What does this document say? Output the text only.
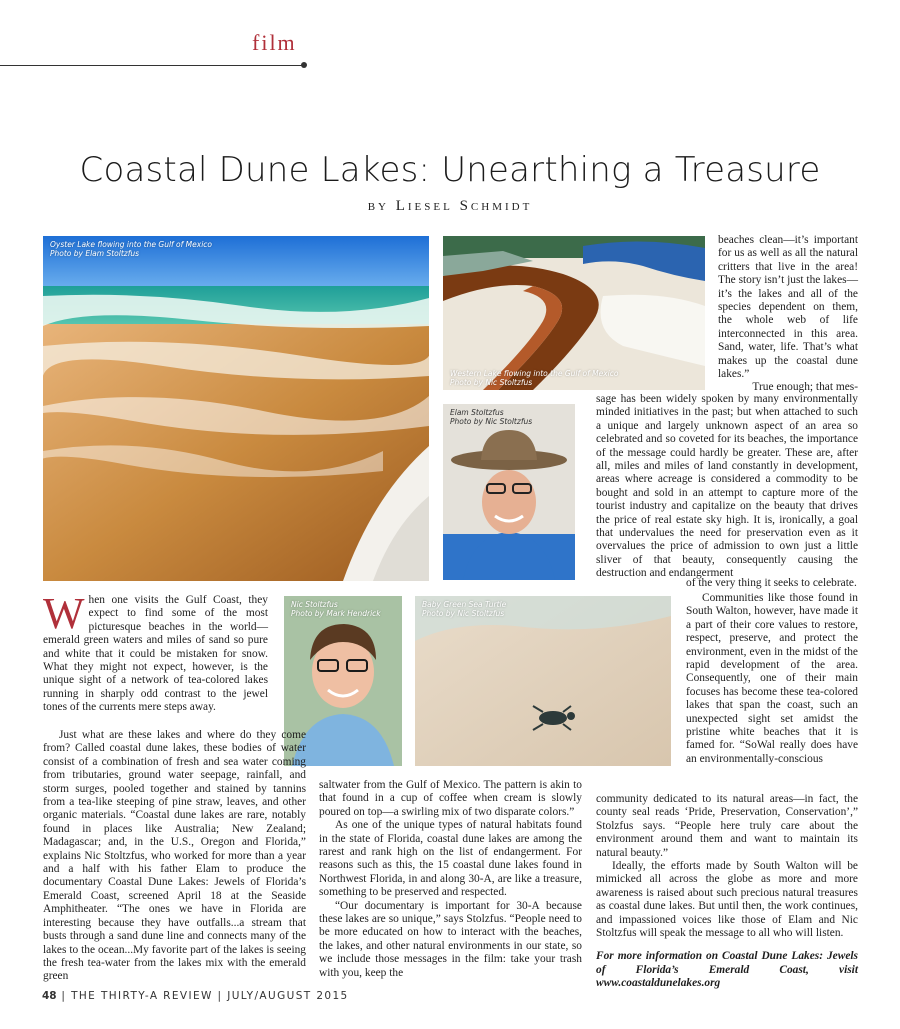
film
Coastal Dune Lakes: Unearthing a Treasure
by Liesel Schmidt
Oyster Lake flowing into the Gulf of Mexico
Photo by Elam Stoltzfus
Western Lake flowing into the Gulf of Mexico
Photo by Nic Stoltzfus
Elam Stoltzfus
Photo by Nic Stoltzfus
Nic Stoltzfus
Photo by Mark Hendrick
Baby Green Sea Turtle
Photo by Nic Stoltzfus

When one visits the Gulf Coast, they expect to find some of the most picturesque beaches in the world—emerald green waters and miles of sand so pure and white that it could be mistaken for snow. What they might not expect, however, is the unique sight of a network of tea-colored lakes running in sharply odd contrast to the jewel tones of the currents mere steps away.

Just what are these lakes and where do they come from? Called coastal dune lakes, these bodies of water consist of a combination of fresh and sea water coming from tributaries, ground water seepage, rainfall, and storm surges, pooled together and stained by tannins from a tea-like steeping of pine straw, leaves, and other organic materials. “Coastal dune lakes are rare, notably found in places like Australia; New Zealand; Madagascar; and, in the U.S., Oregon and Florida,” explains Nic Stoltzfus, who worked for more than a year and a half with his father Elam to produce the documentary Coastal Dune Lakes: Jewels of Florida’s Emerald Coast, screened April 18 at the Seaside Amphitheater. “The ones we have in Florida are interesting because they have outfalls...a stream that busts through a sand dune line and connects many of the lakes to the ocean...My favorite part of the lakes is seeing the fresh tea-water from the lakes mix with the emerald green

saltwater from the Gulf of Mexico. The pattern is akin to that found in a cup of coffee when cream is slowly poured on top—a swirling mix of two disparate colors.”

As one of the unique types of natural habitats found in the state of Florida, coastal dune lakes are among the rarest and rank high on the list of endangerment. For reasons such as this, the 15 coastal dune lakes found in Northwest Florida, in and along 30-A, are like a treasure, something to be preserved and respected.

“Our documentary is important for 30-A because these lakes are so unique,” says Stolzfus. “People need to be more educated on how to interact with the beaches, the lakes, and other natural environments in our state, so we include those messages in the film: take your trash with you, keep the

beaches clean—it’s important for us as well as all the natural critters that live in the area! The story isn’t just the lakes—it’s the lakes and all of the species dependent on them, the whole web of life interconnected in this area. Sand, water, life. That’s what makes up the coastal dune lakes.”

True enough; that mes-

sage has been widely spoken by many environmentally minded initiatives in the past; but when attached to such a unique and largely unknown aspect of an area so celebrated and so coveted for its beaches, the importance of the message could hardly be greater. These are, after all, miles and miles of land constantly in development, areas where acreage is considered a commodity to be bought and sold in an attempt to capture more of the tourist industry and capitalize on the beauty that drives the price of real estate sky high. It is, ironically, a goal that undervalues the need for preservation even as it overvalues the price of admission to own just a little sliver of that beauty, consequently causing the destruction and endangerment

of the very thing it seeks to celebrate.

Communities like those found in South Walton, however, have made it a part of their core values to restore, respect, preserve, and protect the environment, even in the midst of the rapid development of the area. Consequently, one of their main focuses has become these tea-colored lakes that span the coast, such an unexpected sight set amidst the pristine white beaches that it is famed for. “SoWal really does have an environmentally-conscious

community dedicated to its natural areas—in fact, the county seal reads ‘Pride, Preservation, Conservation’,” Stolzfus says. “People here truly care about the environment around them and want to maintain its natural beauty.”

Ideally, the efforts made by South Walton will be mimicked all across the globe as more and more awareness is raised about such precious natural treasures as coastal dune lakes. But until then, the work continues, and impassioned voices like those of Elam and Nic Stoltzfus will speak the message to all who will listen.

For more information on Coastal Dune Lakes: Jewels of Florida’s Emerald Coast, visit www.coastaldunelakes.org

48 | THE THIRTY-A REVIEW | JULY/AUGUST 2015
